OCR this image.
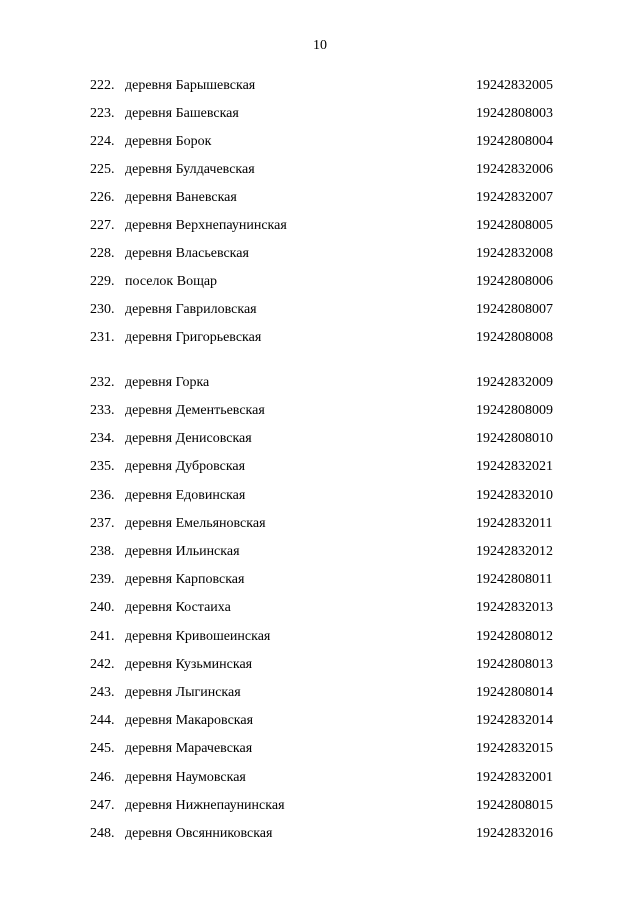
10
222. деревня Барышевская	19242832005
223. деревня Башевская	19242808003
224. деревня Борок	19242808004
225. деревня Булдачевская	19242832006
226. деревня Ваневская	19242832007
227. деревня Верхнепаунинская	19242808005
228. деревня Власьевская	19242832008
229. поселок Вощар	19242808006
230. деревня Гавриловская	19242808007
231. деревня Григорьевская	19242808008
232. деревня Горка	19242832009
233. деревня Дементьевская	19242808009
234. деревня Денисовская	19242808010
235. деревня Дубровская	19242832021
236. деревня Едовинская	19242832010
237. деревня Емельяновская	19242832011
238. деревня Ильинская	19242832012
239. деревня Карповская	19242808011
240. деревня Костаиха	19242832013
241. деревня Кривошеинская	19242808012
242. деревня Кузьминская	19242808013
243. деревня Лыгинская	19242808014
244. деревня Макаровская	19242832014
245. деревня Марачевская	19242832015
246. деревня Наумовская	19242832001
247. деревня Нижнепаунинская	19242808015
248. деревня Овсянниковская	19242832016
